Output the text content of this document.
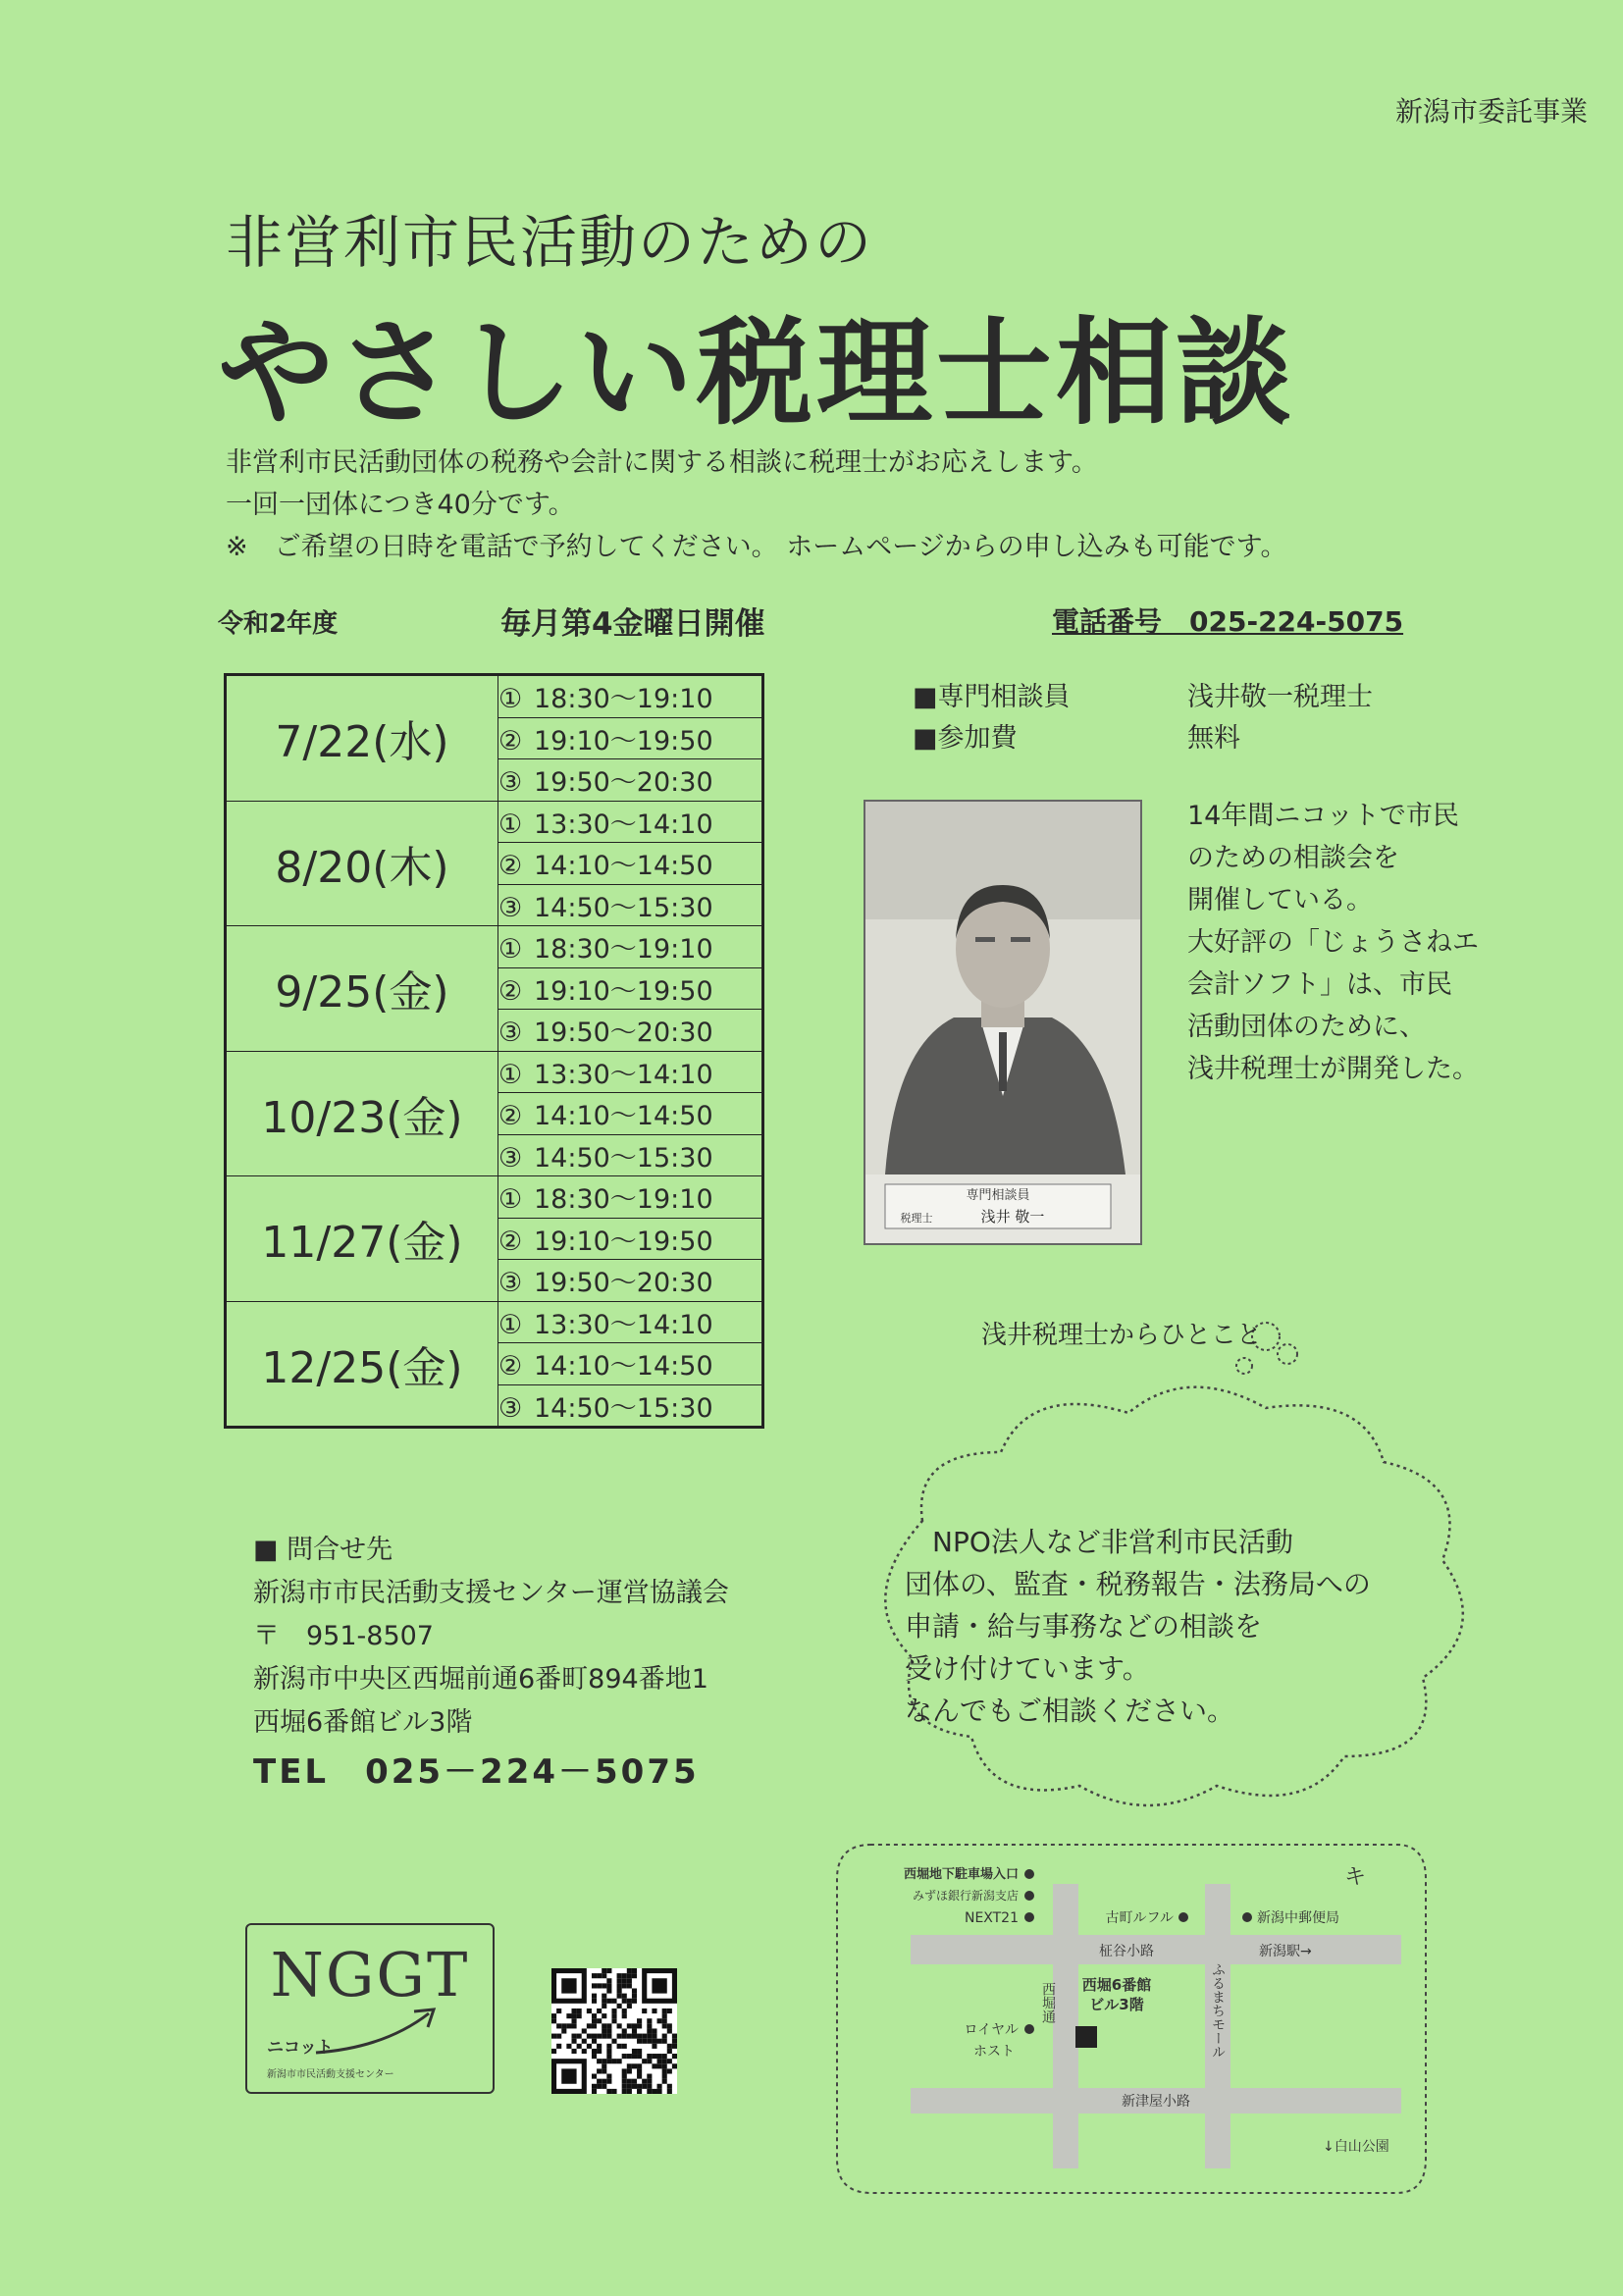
新潟市委託事業
非営利市民活動のための
やさしい税理士相談
非営利市民活動団体の税務や会計に関する相談に税理士がお応えします。
一回一団体につき40分です。
※　ご希望の日時を電話で予約してください。 ホームページからの申し込みも可能です。
令和2年度	毎月第4金曜日開催	電話番号　025-224-5075
7/22(水)	① 18:30〜19:10
	② 19:10〜19:50
	③ 19:50〜20:30
8/20(木)	① 13:30〜14:10
	② 14:10〜14:50
	③ 14:50〜15:30
9/25(金)	① 18:30〜19:10
	② 19:10〜19:50
	③ 19:50〜20:30
10/23(金)	① 13:30〜14:10
	② 14:10〜14:50
	③ 14:50〜15:30
11/27(金)	① 18:30〜19:10
	② 19:10〜19:50
	③ 19:50〜20:30
12/25(金)	① 13:30〜14:10
	② 14:10〜14:50
	③ 14:50〜15:30
■専門相談員	浅井敬一税理士
■参加費	無料
専門相談員
税理士	浅井 敬一
14年間ニコットで市民
のための相談会を
開催している。
大好評の「じょうさねエ
会計ソフト」は、市民
活動団体のために、
浅井税理士が開発した。
浅井税理士からひとこと
　NPO法人など非営利市民活動
団体の、監査・税務報告・法務局への
申請・給与事務などの相談を
受け付けています。
なんでもご相談ください。
■ 問合せ先
新潟市市民活動支援センター運営協議会
〒　951-8507
新潟市中央区西堀前通6番町894番地1
西堀6番館ビル3階
TEL　025－224－5075
NGGT
ニコット
新潟市市民活動支援センター
キ
西堀地下駐車場入口
みずほ銀行新潟支店
NEXT21	古町ルフル	新潟中郵便局
柾谷小路	新潟駅→
西堀6番館
ビル3階
ロイヤル
ホスト
新津屋小路
↓白山公園
西堀通	ふるまちモール
